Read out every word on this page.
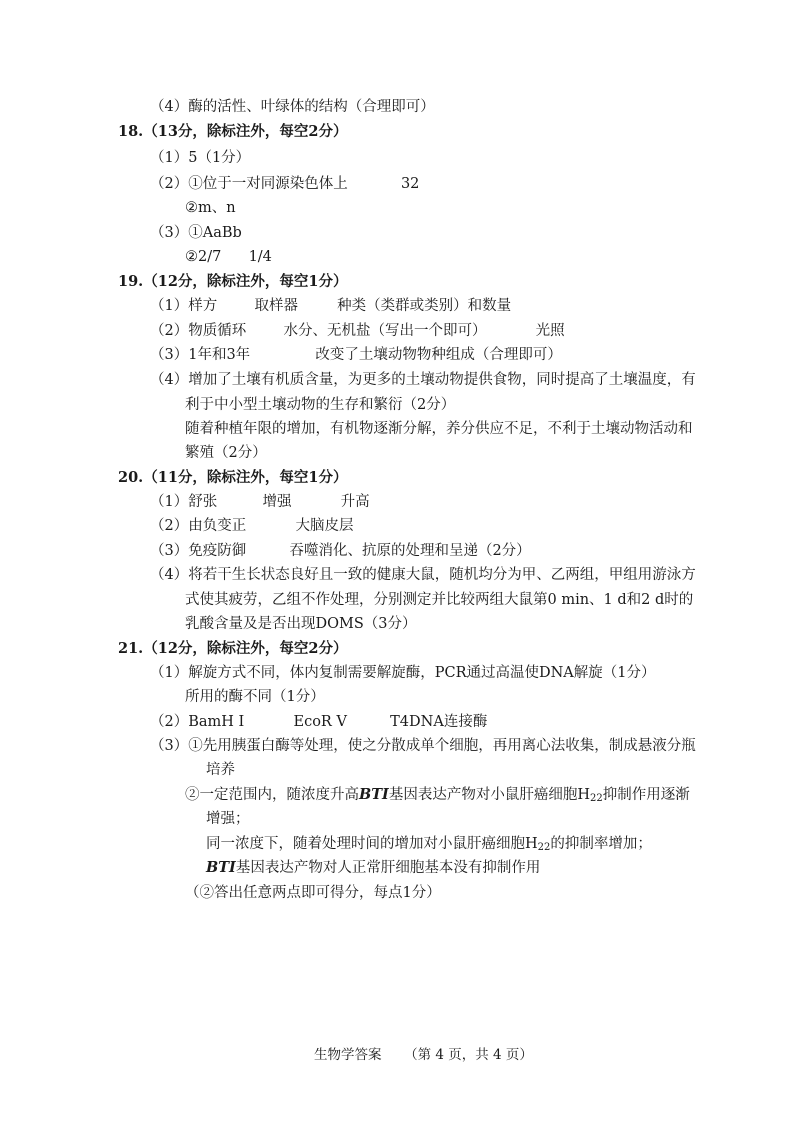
（4）酶的活性、叶绿体的结构（合理即可）
18.（13分，除标注外，每空2分）
（1）5（1分）
（2）①位于一对同源染色体上	32
②m、n
（3）①AaBb
②2/7 1/4
19.（12分，除标注外，每空1分）
（1）样方	取样器	种类（类群或类别）和数量
（2）物质循环	水分、无机盐（写出一个即可）	光照
（3）1年和3年	改变了土壤动物物种组成（合理即可）
（4）增加了土壤有机质含量，为更多的土壤动物提供食物，同时提高了土壤温度，有
利于中小型土壤动物的生存和繁衍（2分）
随着种植年限的增加，有机物逐渐分解，养分供应不足，不利于土壤动物活动和
繁殖（2分）
20.（11分，除标注外，每空1分）
（1）舒张	增强	升高
（2）由负变正	大脑皮层
（3）免疫防御	吞噬消化、抗原的处理和呈递（2分）
（4）将若干生长状态良好且一致的健康大鼠，随机均分为甲、乙两组，甲组用游泳方
式使其疲劳，乙组不作处理，分别测定并比较两组大鼠第0 min、1 d和2 d时的
乳酸含量及是否出现DOMS（3分）
21.（12分，除标注外，每空2分）
（1）解旋方式不同，体内复制需要解旋酶，PCR通过高温使DNA解旋（1分）
所用的酶不同（1分）
（2）BamH I	EcoR V	T4DNA连接酶
（3）①先用胰蛋白酶等处理，使之分散成单个细胞，再用离心法收集，制成悬液分瓶
培养
②一定范围内，随浓度升高BTI基因表达产物对小鼠肝癌细胞$H_{22}$抑制作用逐渐
增强；
同一浓度下，随着处理时间的增加对小鼠肝癌细胞$H_{22}$的抑制率增加；
BTI基因表达产物对人正常肝细胞基本没有抑制作用
（②答出任意两点即可得分，每点1分）
生物学答案 （第 4 页，共 4 页）
